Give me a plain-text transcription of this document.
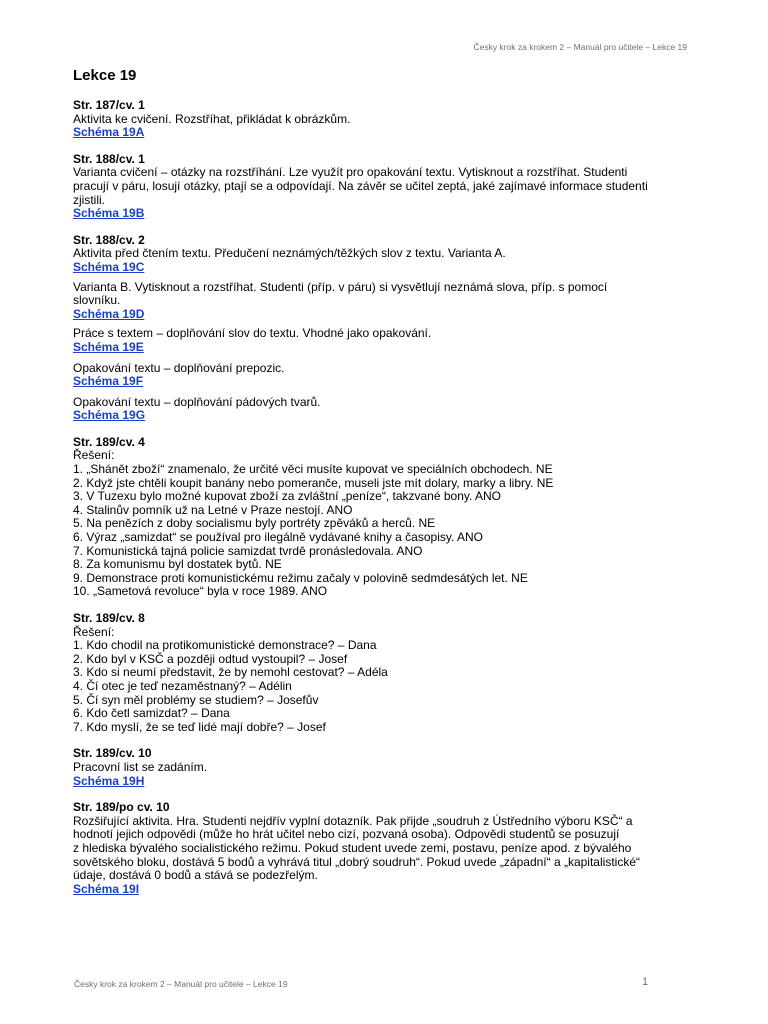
Česky krok za krokem 2 – Manuál pro učitele – Lekce 19
Lekce 19

Str. 187/cv. 1

Aktivita ke cvičení. Rozstříhat, přikládat k obrázkům.

Schéma 19A

Str. 188/cv. 1

Varianta cvičení – otázky na rozstříhání. Lze využít pro opakování textu. Vytisknout a rozstříhat. Studenti

pracují v páru, losují otázky, ptají se a odpovídají. Na závěr se učitel zeptá, jaké zajímavé informace studenti

zjistili.

Schéma 19B

Str. 188/cv. 2

Aktivita před čtením textu. Předučení neznámých/těžkých slov z textu. Varianta A.

Schéma 19C

Varianta B. Vytisknout a rozstříhat. Studenti (příp. v páru) si vysvětlují neznámá slova, příp. s pomocí

slovníku.

Schéma 19D

Práce s textem – doplňování slov do textu. Vhodné jako opakování.

Schéma 19E

Opakování textu – doplňování prepozic.

Schéma 19F

Opakování textu – doplňování pádových tvarů.

Schéma 19G

Str. 189/cv. 4

Řešení:

1. „Shánět zboží“ znamenalo, že určité věci musíte kupovat ve speciálních obchodech. NE

2. Když jste chtěli koupit banány nebo pomeranče, museli jste mít dolary, marky a libry. NE

3. V Tuzexu bylo možné kupovat zboží za zvláštní „peníze“, takzvané bony. ANO

4. Stalinův pomník už na Letné v Praze nestojí. ANO

5. Na penězích z doby socialismu byly portréty zpěváků a herců. NE

6. Výraz „samizdat“ se používal pro ilegálně vydávané knihy a časopisy. ANO

7. Komunistická tajná policie samizdat tvrdě pronásledovala. ANO

8. Za komunismu byl dostatek bytů. NE

9. Demonstrace proti komunistickému režimu začaly v polovině sedmdesátých let. NE

10. „Sametová revoluce“ byla v roce 1989. ANO

Str. 189/cv. 8

Řešení:

1. Kdo chodil na protikomunistické demonstrace? – Dana

2. Kdo byl v KSČ a později odtud vystoupil? – Josef

3. Kdo si neumí představit, že by nemohl cestovat? – Adéla

4. Čí otec je teď nezaměstnaný? – Adélin

5. Čí syn měl problémy se studiem? – Josefův

6. Kdo četl samizdat? – Dana

7. Kdo myslí, že se teď lidé mají dobře? – Josef

Str. 189/cv. 10

Pracovní list se zadáním.

Schéma 19H

Str. 189/po cv. 10

Rozšiřující aktivita. Hra. Studenti nejdřív vyplní dotazník. Pak přijde „soudruh z Ústředního výboru KSČ“ a

hodnotí jejich odpovědi (může ho hrát učitel nebo cizí, pozvaná osoba). Odpovědi studentů se posuzují

z hlediska bývalého socialistického režimu. Pokud student uvede zemi, postavu, peníze apod. z bývalého

sovětského bloku, dostává 5 bodů a vyhrává titul „dobrý soudruh“. Pokud uvede „západní“ a „kapitalistické“

údaje, dostává 0 bodů a stává se podezřelým.

Schéma 19I

Česky krok za krokem 2 – Manuál pro učitele – Lekce 19	1
